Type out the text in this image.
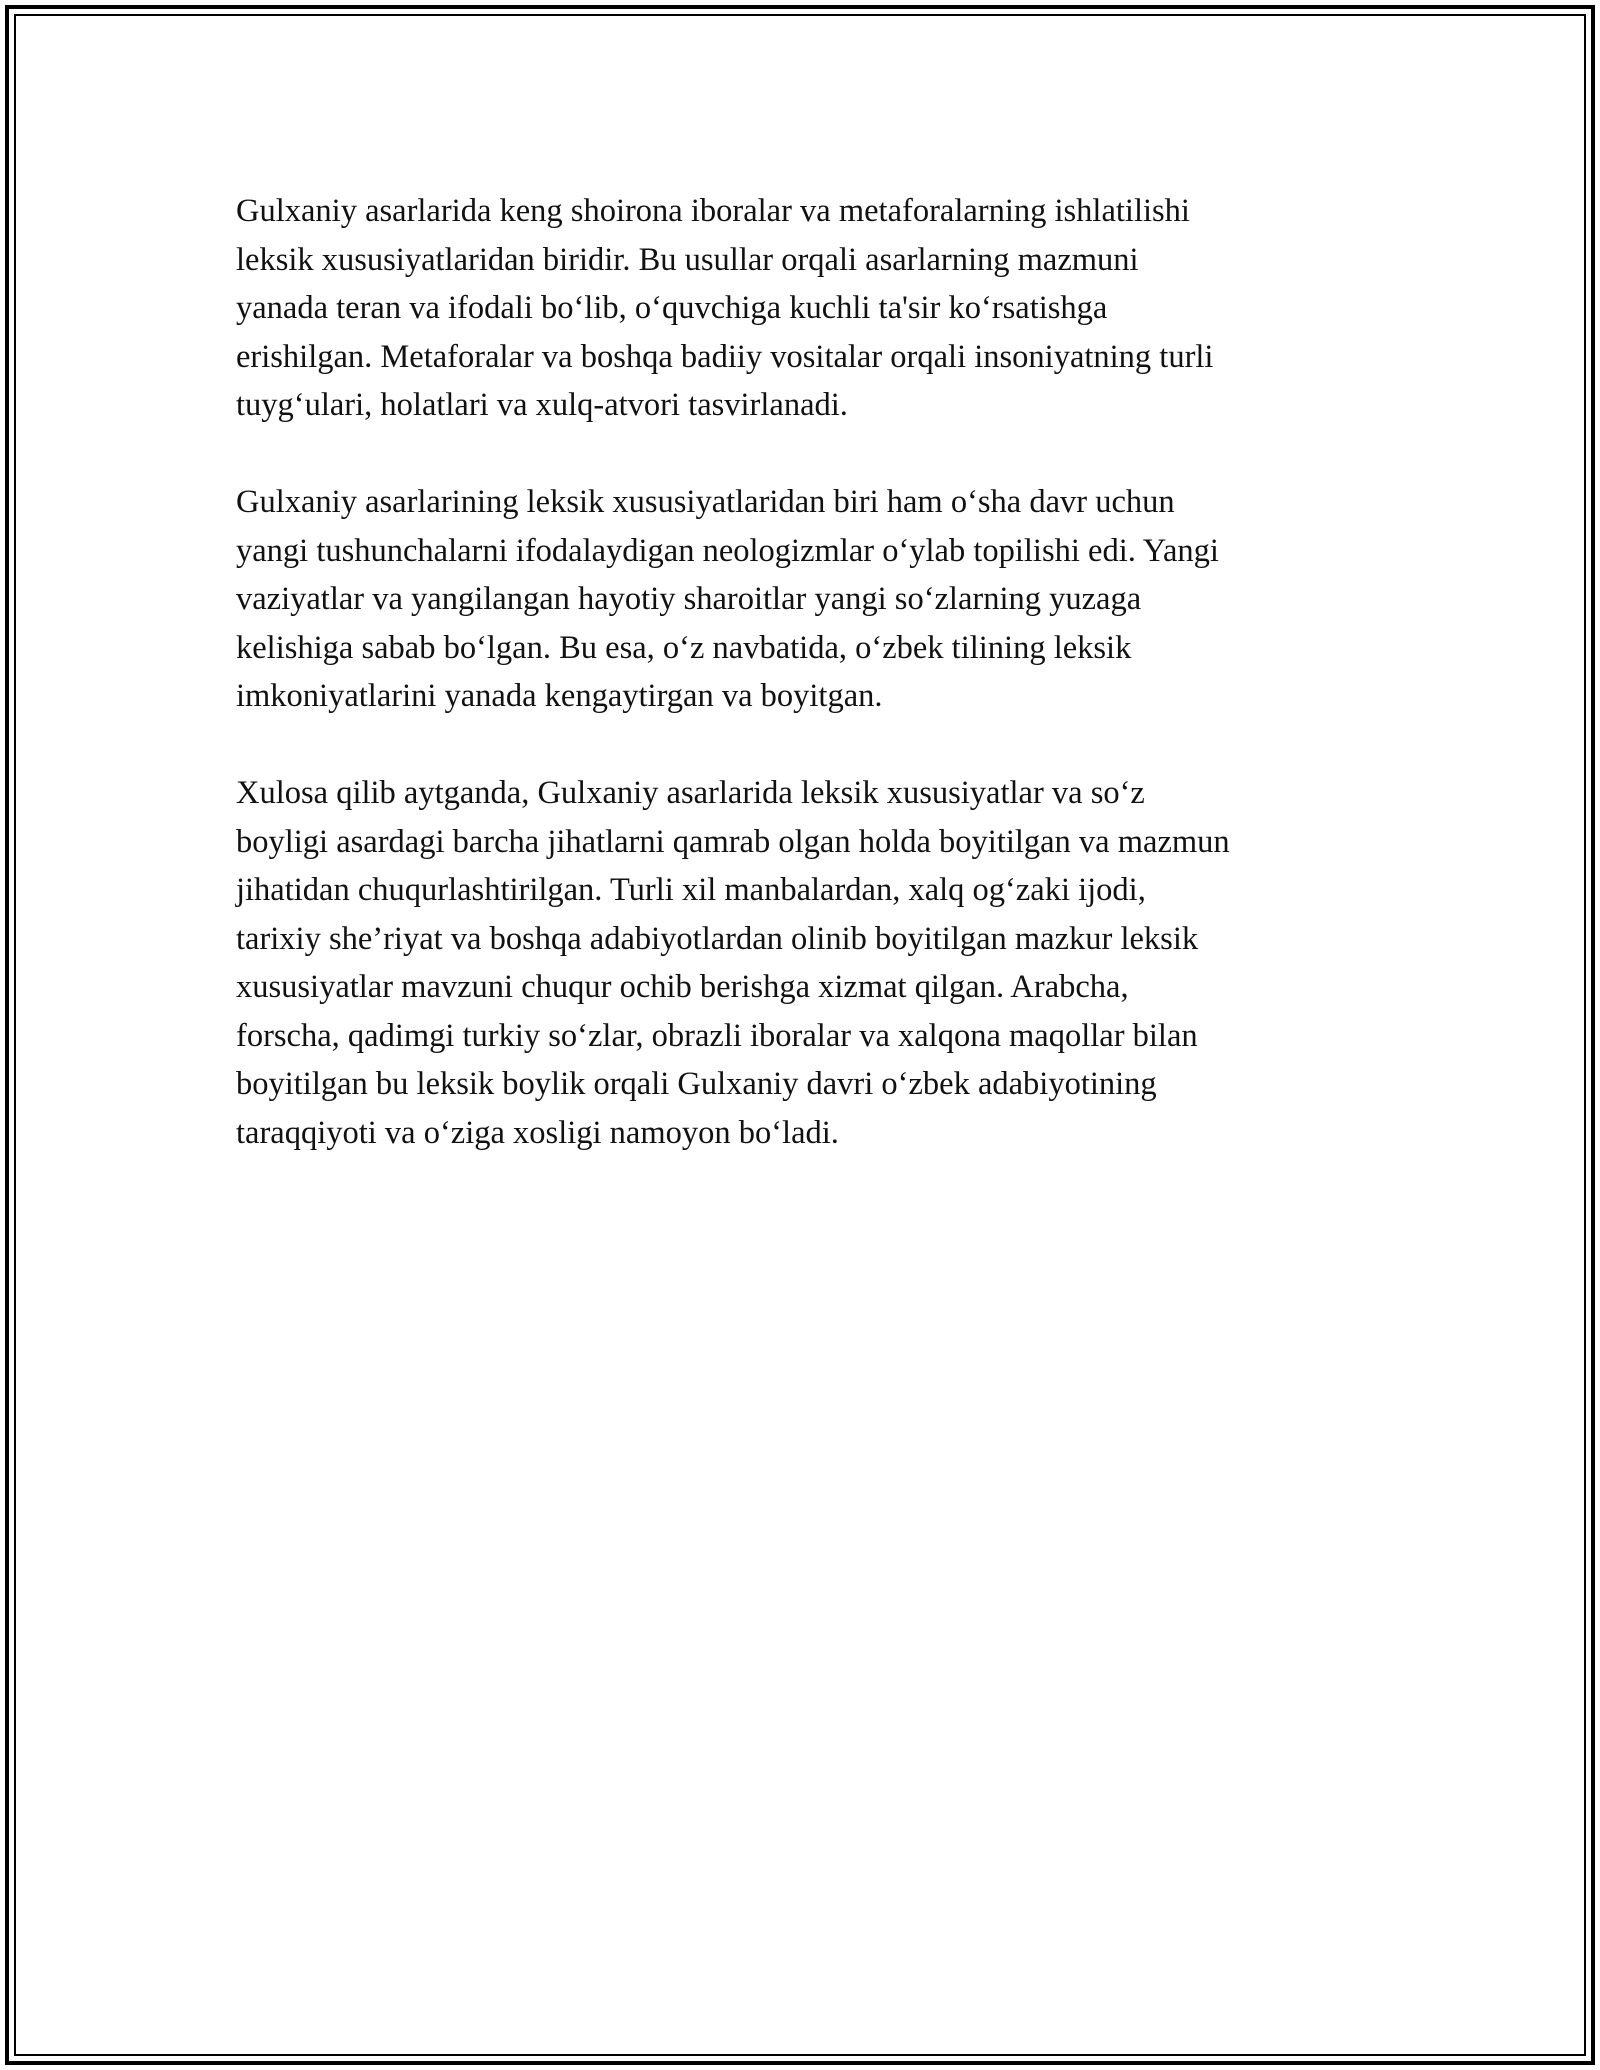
Gulxaniy asarlarida keng shoirona iboralar va metaforalarning ishlatilishi
leksik xususiyatlaridan biridir. Bu usullar orqali asarlarning mazmuni
yanada teran va ifodali bo‘lib, o‘quvchiga kuchli ta'sir ko‘rsatishga
erishilgan. Metaforalar va boshqa badiiy vositalar orqali insoniyatning turli
tuyg‘ulari, holatlari va xulq-atvori tasvirlanadi.

Gulxaniy asarlarining leksik xususiyatlaridan biri ham o‘sha davr uchun
yangi tushunchalarni ifodalaydigan neologizmlar o‘ylab topilishi edi. Yangi
vaziyatlar va yangilangan hayotiy sharoitlar yangi so‘zlarning yuzaga
kelishiga sabab bo‘lgan. Bu esa, o‘z navbatida, o‘zbek tilining leksik
imkoniyatlarini yanada kengaytirgan va boyitgan.

Xulosa qilib aytganda, Gulxaniy asarlarida leksik xususiyatlar va so‘z
boyligi asardagi barcha jihatlarni qamrab olgan holda boyitilgan va mazmun
jihatidan chuqurlashtirilgan. Turli xil manbalardan, xalq og‘zaki ijodi,
tarixiy she’riyat va boshqa adabiyotlardan olinib boyitilgan mazkur leksik
xususiyatlar mavzuni chuqur ochib berishga xizmat qilgan. Arabcha,
forscha, qadimgi turkiy so‘zlar, obrazli iboralar va xalqona maqollar bilan
boyitilgan bu leksik boylik orqali Gulxaniy davri o‘zbek adabiyotining
taraqqiyoti va o‘ziga xosligi namoyon bo‘ladi.
